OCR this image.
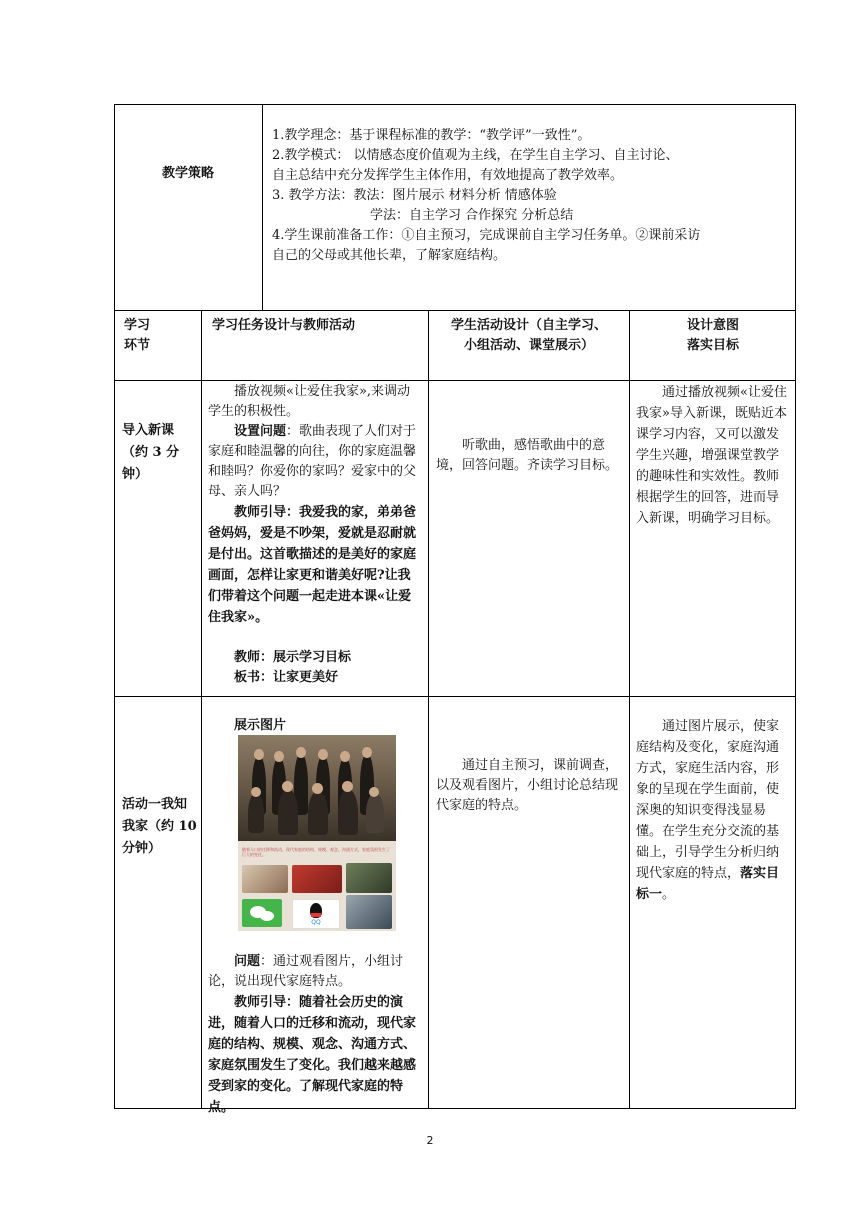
教学策略

1.教学理念：基于课程标准的教学：“教学评”一致性”。

2.教学模式： 以情感态度价值观为主线，在学生自主学习、自主讨论、

自主总结中充分发挥学生主体作用，有效地提高了教学效率。

3. 教学方法：教法：图片展示 材料分析 情感体验

学法：自主学习 合作探究 分析总结

4.学生课前准备工作：①自主预习，完成课前自主学习任务单。②课前采访

自己的父母或其他长辈，了解家庭结构。

学习

环节

学习任务设计与教师活动	学生活动设计（自主学习、

小组活动、课堂展示）

设计意图

落实目标

导入新课（约 3 分钟）

播放视频«让爱住我家»,来调动学生的积极性。

设置问题：歌曲表现了人们对于家庭和睦温馨的向往，你的家庭温馨和睦吗？你爱你的家吗？爱家中的父母、亲人吗？

教师引导：我爱我的家，弟弟爸爸妈妈，爱是不吵架，爱就是忍耐就是付出。这首歌描述的是美好的家庭画面，怎样让家更和谐美好呢?让我们带着这个问题一起走进本课«让爱住我家»。

教师：展示学习目标

板书：让家更美好

听歌曲，感悟歌曲中的意境，回答问题。齐读学习目标。

通过播放视频«让爱住我家»导入新课，既贴近本课学习内容，又可以激发学生兴趣，增强课堂教学的趣味性和实效性。教师根据学生的回答，进而导入新课，明确学习目标。

活动一我知我家（约 10 分钟）

展示图片

随着人口的迁移和流动，现代家庭的结构、规模、观念、沟通方式、家庭氛围发生了巨大的变化。
QQ

问题：通过观看图片，小组讨论，说出现代家庭特点。

教师引导：随着社会历史的演进，随着人口的迁移和流动，现代家庭的结构、规模、观念、沟通方式、家庭氛围发生了变化。我们越来越感受到家的变化。了解现代家庭的特点。

通过自主预习，课前调查，以及观看图片，小组讨论总结现代家庭的特点。

通过图片展示，使家庭结构及变化，家庭沟通方式，家庭生活内容，形象的呈现在学生面前，使深奥的知识变得浅显易懂。在学生充分交流的基础上，引导学生分析归纳现代家庭的特点，落实目标一。

2
